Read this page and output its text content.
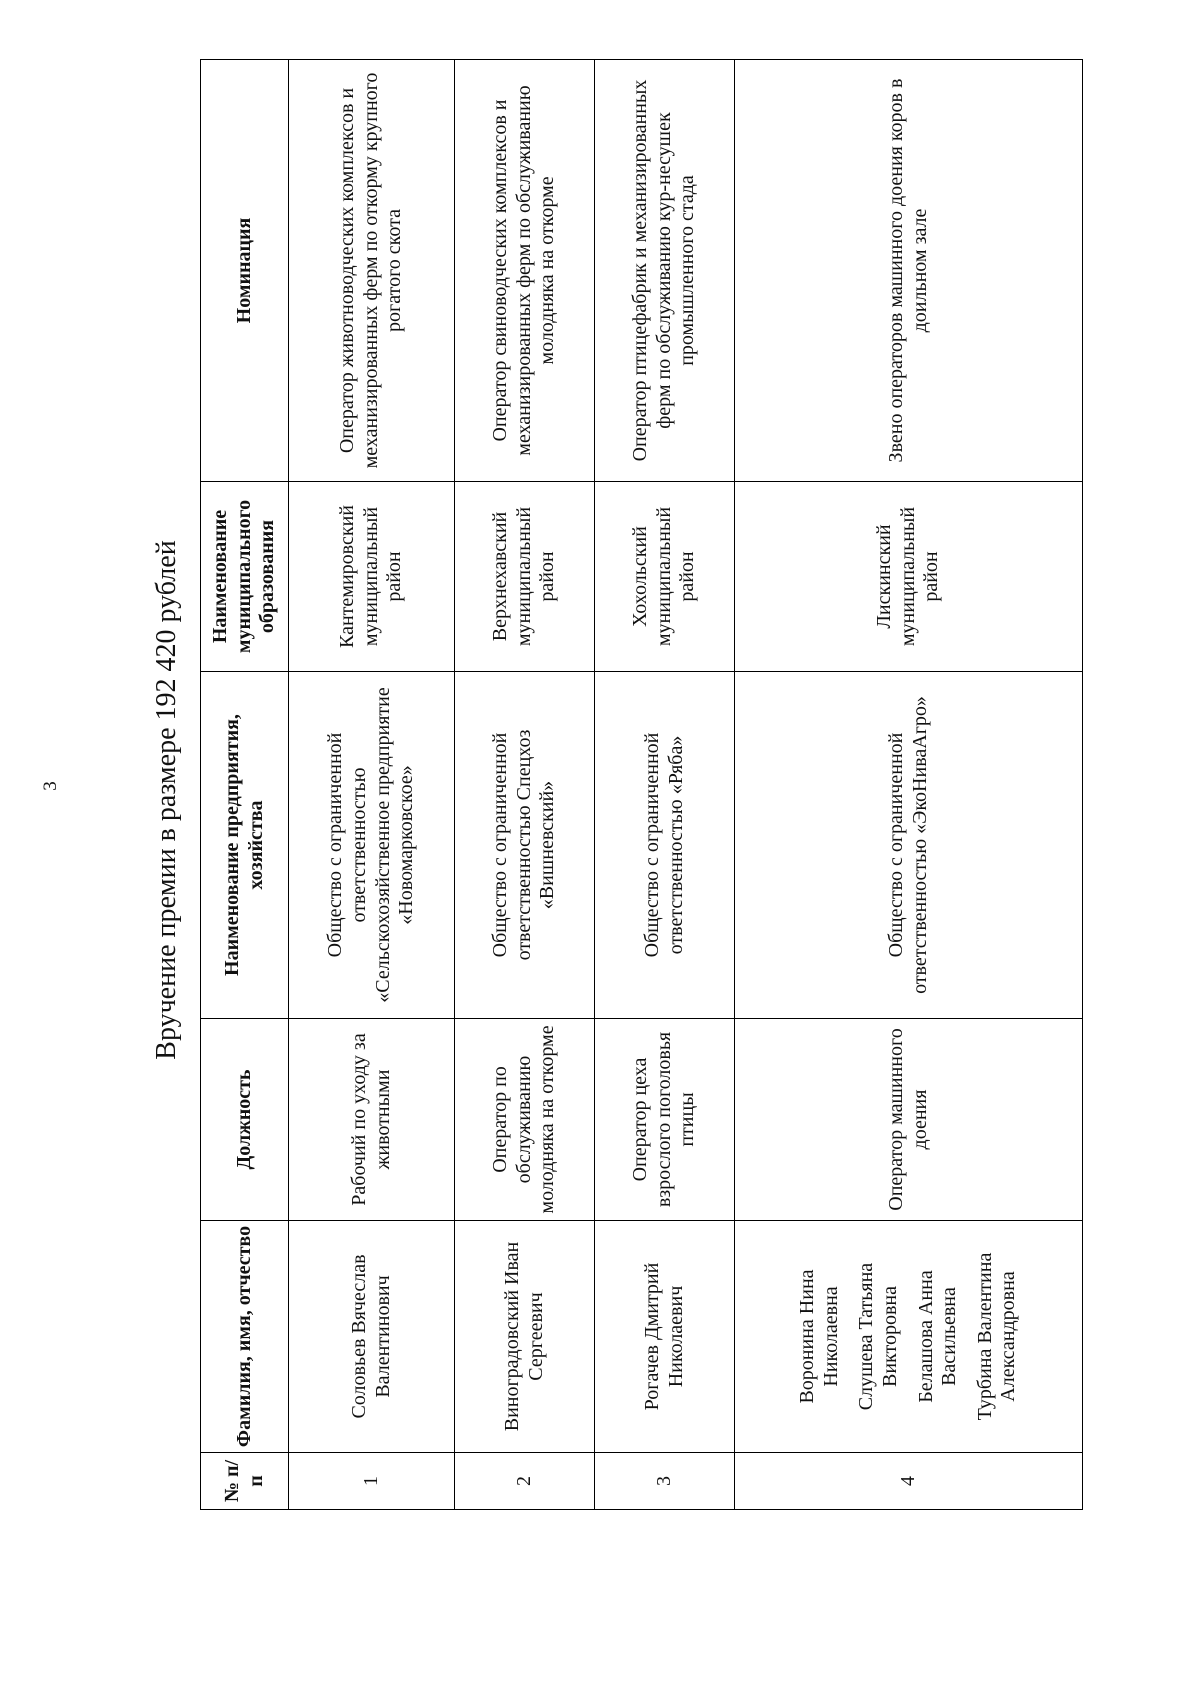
3	Вручение премии в размере 192 420 рублей
№ п/п	Фамилия, имя, отчество	Должность	Наименование предприятия, хозяйства	Наименование муниципального образования	Номинация
1	Соловьев Вячеслав Валентинович	Рабочий по уходу за животными	Общество с ограниченной ответственностью «Сельскохозяйственное предприятие «Новомарковское»	Кантемировский муниципальный район	Оператор животноводческих комплексов и механизированных ферм по откорму крупного рогатого скота
2	Виноградовский Иван Сергеевич	Оператор по обслуживанию молодняка на откорме	Общество с ограниченной ответственностью Спецхоз «Вишневский»	Верхнехавский муниципальный район	Оператор свиноводческих комплексов и механизированных ферм по обслуживанию молодняка на откорме
3	Рогачев Дмитрий Николаевич	Оператор цеха взрослого поголовья птицы	Общество с ограниченной ответственностью «Ряба»	Хохольский муниципальный район	Оператор птицефабрик и механизированных ферм по обслуживанию кур-несушек промышленного стада
4	Воронина Нина Николаевна Слушева Татьяна Викторовна Белашова Анна Васильевна Турбина Валентина Александровна	Оператор машинного доения	Общество с ограниченной ответственностью «ЭкоНиваАгро»	Лискинский муниципальный район	Звено операторов машинного доения коров в доильном зале
